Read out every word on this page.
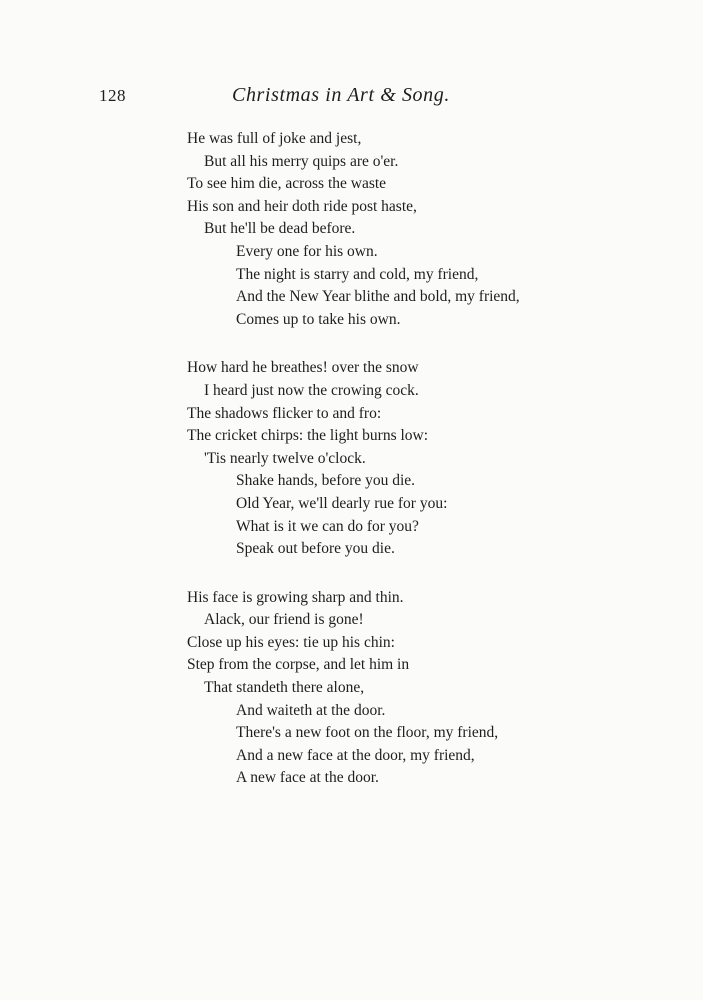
128	Christmas in Art & Song.
He was full of joke and jest,
But all his merry quips are o'er.
To see him die, across the waste
His son and heir doth ride post haste,
But he'll be dead before.
Every one for his own.
The night is starry and cold, my friend,
And the New Year blithe and bold, my friend,
Comes up to take his own.
How hard he breathes! over the snow
I heard just now the crowing cock.
The shadows flicker to and fro:
The cricket chirps: the light burns low:
'Tis nearly twelve o'clock.
Shake hands, before you die.
Old Year, we'll dearly rue for you:
What is it we can do for you?
Speak out before you die.
His face is growing sharp and thin.
Alack, our friend is gone!
Close up his eyes: tie up his chin:
Step from the corpse, and let him in
That standeth there alone,
And waiteth at the door.
There's a new foot on the floor, my friend,
And a new face at the door, my friend,
A new face at the door.
